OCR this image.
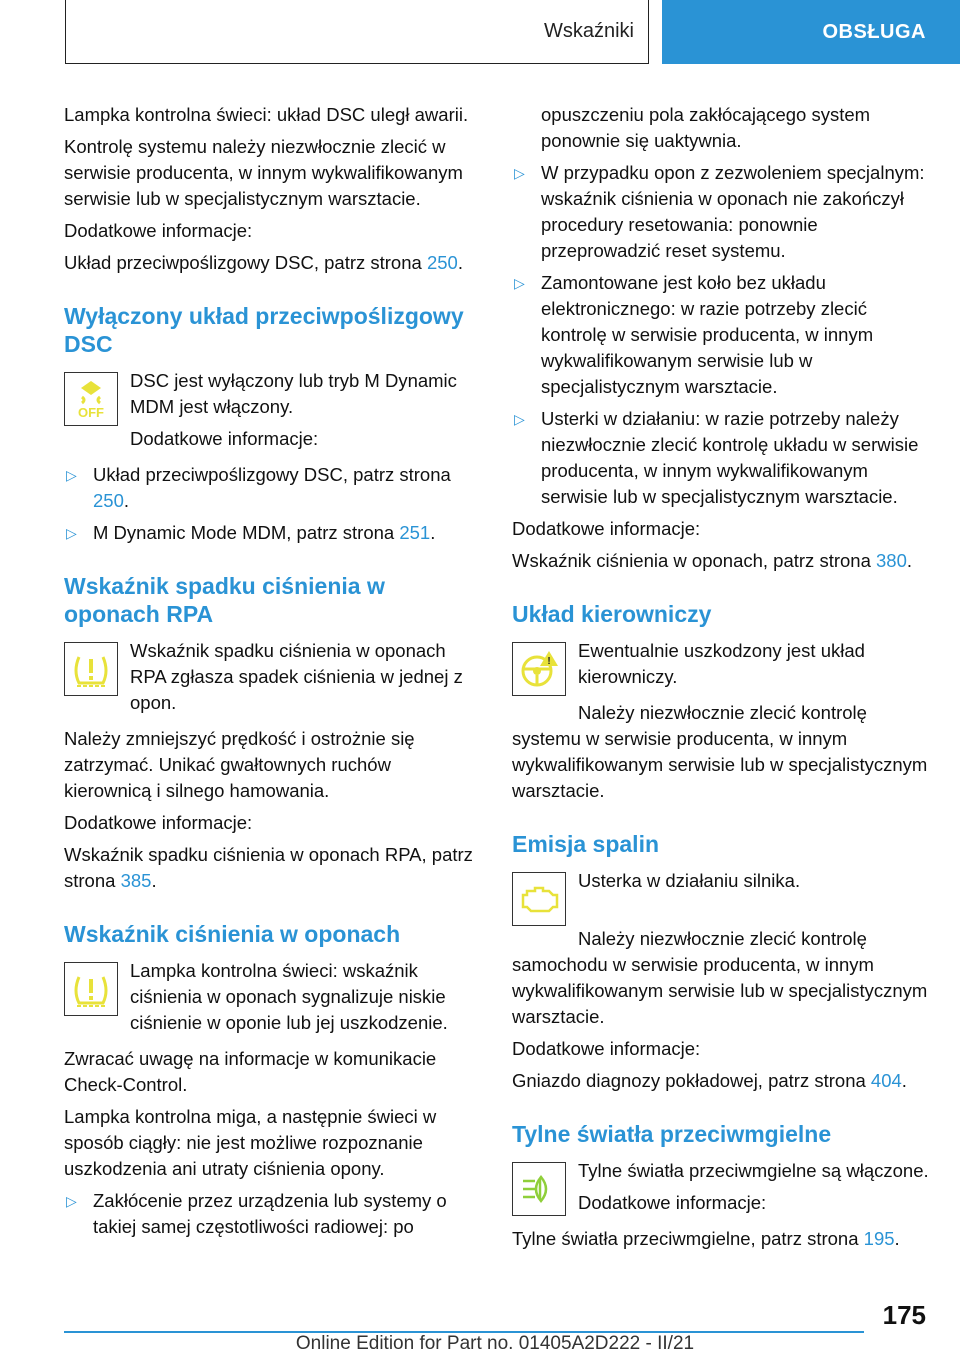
Wskaźniki	OBSŁUGA

Lampka kontrolna świeci: układ DSC uległ awarii.

Kontrolę systemu należy niezwłocznie zlecić w serwisie producenta, w innym wykwalifikowanym serwisie lub w specjalistycznym warsztacie.

Dodatkowe informacje:

Układ przeciwpoślizgowy DSC, patrz strona 250.

Wyłączony układ przeciwpoślizgowy DSC
OFF

DSC jest wyłączony lub tryb M Dynamic MDM jest włączony.

Dodatkowe informacje:

▷ Układ przeciwpoślizgowy DSC, patrz strona 250.
▷ M Dynamic Mode MDM, patrz strona 251.
Wskaźnik spadku ciśnienia w oponach RPA

Wskaźnik spadku ciśnienia w oponach RPA zgłasza spadek ciśnienia w jednej z opon.

Należy zmniejszyć prędkość i ostrożnie się zatrzymać. Unikać gwałtownych ruchów kierownicą i silnego hamowania.

Dodatkowe informacje:

Wskaźnik spadku ciśnienia w oponach RPA, patrz strona 385.

Wskaźnik ciśnienia w oponach

Lampka kontrolna świeci: wskaźnik ciśnienia w oponach sygnalizuje niskie ciśnienie w oponie lub jej uszkodzenie.

Zwracać uwagę na informacje w komunikacie Check-Control.

Lampka kontrolna miga, a następnie świeci w sposób ciągły: nie jest możliwe rozpoznanie uszkodzenia ani utraty ciśnienia opony.

▷ Zakłócenie przez urządzenia lub systemy o takiej samej częstotliwości radiowej: po

opuszczeniu pola zakłócającego system ponownie się uaktywnia.

▷ W przypadku opon z zezwoleniem specjalnym: wskaźnik ciśnienia w oponach nie zakończył procedury resetowania: ponownie przeprowadzić reset systemu.
▷ Zamontowane jest koło bez układu elektronicznego: w razie potrzeby zlecić kontrolę w serwisie producenta, w innym wykwalifikowanym serwisie lub w specjalistycznym warsztacie.
▷ Usterki w działaniu: w razie potrzeby należy niezwłocznie zlecić kontrolę układu w serwisie producenta, w innym wykwalifikowanym serwisie lub w specjalistycznym warsztacie.

Dodatkowe informacje:

Wskaźnik ciśnienia w oponach, patrz strona 380.

Układ kierowniczy
!

Ewentualnie uszkodzony jest układ kierowniczy.

Należy niezwłocznie zlecić kontrolę systemu w serwisie producenta, w innym wykwalifikowanym serwisie lub w specjalistycznym warsztacie.

Emisja spalin

Usterka w działaniu silnika.

Należy niezwłocznie zlecić kontrolę samochodu w serwisie producenta, w innym wykwalifikowanym serwisie lub w specjalistycznym warsztacie.

Dodatkowe informacje:

Gniazdo diagnozy pokładowej, patrz strona 404.

Tylne światła przeciwmgielne

Tylne światła przeciwmgielne są włączone.

Dodatkowe informacje:

Tylne światła przeciwmgielne, patrz strona 195.

175
Online Edition for Part no. 01405A2D222 - II/21
